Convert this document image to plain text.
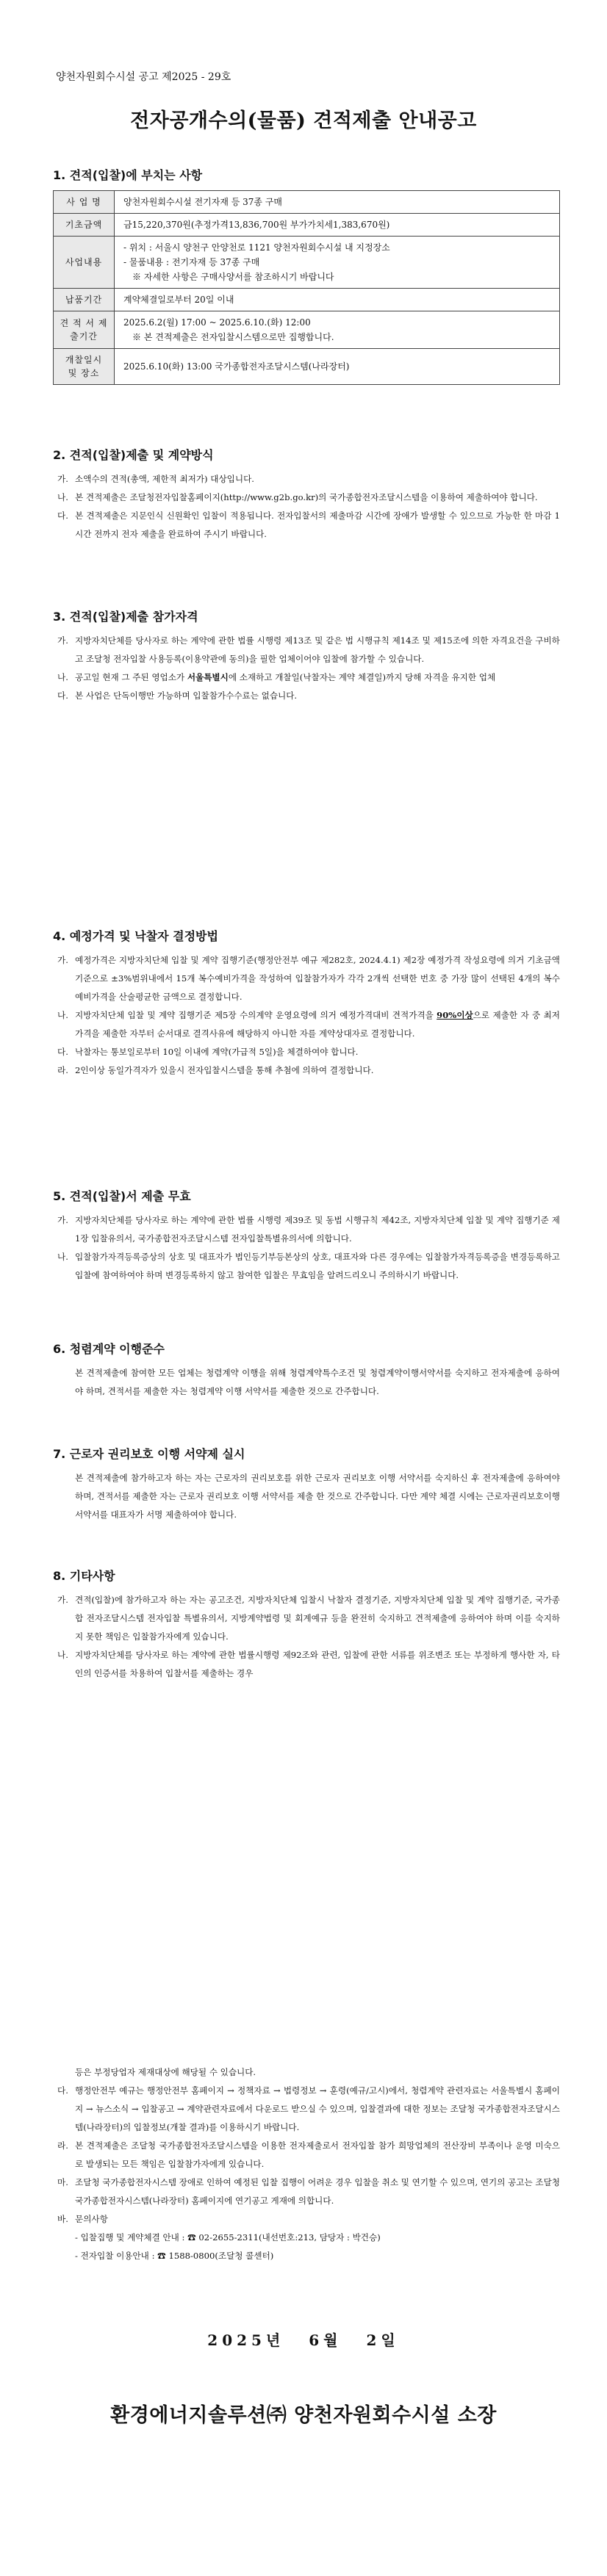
양천자원회수시설 공고 제2025 - 29호
전자공개수의(물품) 견적제출 안내공고
1. 견적(입찰)에 부치는 사항
사 업 명	양천자원회수시설 전기자재 등 37종 구매

기초금액	금15,220,370원(추정가격13,836,700원 부가가치세1,383,670원)

사업내용	- 위치 : 서울시 양천구 안양천로 1121 양천자원회수시설 내 지정장소
- 물품내용 : 전기자재 등 37종 구매
※ 자세한 사항은 구매사양서를 참조하시기 바랍니다

납품기간	계약체결일로부터 20일 이내

견 적 서 제출기간	2025.6.2(월) 17:00 ~ 2025.6.10.(화) 12:00
※ 본 견적제출은 전자입찰시스템으로만 집행합니다.

개찰일시 및 장소	2025.6.10(화) 13:00 국가종합전자조달시스템(나라장터)
2. 견적(입찰)제출 및 계약방식
가. 소액수의 견적(총액, 제한적 최저가) 대상입니다.
나. 본 견적제출은 조달청전자입찰홈페이지(http://www.g2b.go.kr)의 국가종합전자조달시스템을 이용하여 제출하여야 합니다.
다. 본 견적제출은 지문인식 신원확인 입찰이 적용됩니다. 전자입찰서의 제출마감 시간에 장애가 발생할 수 있으므로 가능한 한 마감 1시간 전까지 전자 제출을 완료하여 주시기 바랍니다.
3. 견적(입찰)제출 참가자격
가. 지방자치단체를 당사자로 하는 계약에 관한 법률 시행령 제13조 및 같은 법 시행규칙 제14조 및 제15조에 의한 자격요건을 구비하고 조달청 전자입찰 사용등록(이용약관에 동의)을 필한 업체이어야 입찰에 참가할 수 있습니다.
나. 공고일 현재 그 주된 영업소가 서울특별시에 소재하고 개찰일(낙찰자는 계약 체결일)까지 당해 자격을 유지한 업체
다. 본 사업은 단독이행만 가능하며 입찰참가수수료는 없습니다.
4. 예정가격 및 낙찰자 결정방법
가. 예정가격은 지방자치단체 입찰 및 계약 집행기준(행정안전부 예규 제282호, 2024.4.1) 제2장 예정가격 작성요령에 의거 기초금액 기준으로 ±3%범위내에서 15개 복수예비가격을 작성하여 입찰참가자가 각각 2개씩 선택한 번호 중 가장 많이 선택된 4개의 복수예비가격을 산술평균한 금액으로 결정합니다.
나. 지방자치단체 입찰 및 계약 집행기준 제5장 수의계약 운영요령에 의거 예정가격대비 견적가격을 90%이상으로 제출한 자 중 최저가격을 제출한 자부터 순서대로 결격사유에 해당하지 아니한 자를 계약상대자로 결정합니다.
다. 낙찰자는 통보일로부터 10일 이내에 계약(가급적 5일)을 체결하여야 합니다.
라. 2인이상 동일가격자가 있을시 전자입찰시스템을 통해 추첨에 의하여 결정합니다.
5. 견적(입찰)서 제출 무효
가. 지방자치단체를 당사자로 하는 계약에 관한 법률 시행령 제39조 및 동법 시행규칙 제42조, 지방자치단체 입찰 및 계약 집행기준 제1장 입찰유의서, 국가종합전자조달시스템 전자입찰특별유의서에 의합니다.
나. 입찰참가자격등록증상의 상호 및 대표자가 법인등기부등본상의 상호, 대표자와 다른 경우에는 입찰참가자격등록증을 변경등록하고 입찰에 참여하여야 하며 변경등록하지 않고 참여한 입찰은 무효임을 알려드리오니 주의하시기 바랍니다.
6. 청렴계약 이행준수
본 견적제출에 참여한 모든 업체는 청렴계약 이행을 위해 청렴계약특수조건 및 청렴계약이행서약서를 숙지하고 전자제출에 응하여야 하며, 견적서를 제출한 자는 청렴계약 이행 서약서를 제출한 것으로 간주합니다.
7. 근로자 권리보호 이행 서약제 실시
본 견적제출에 참가하고자 하는 자는 근로자의 권리보호를 위한 근로자 권리보호 이행 서약서를 숙지하신 후 전자제출에 응하여야 하며, 견적서를 제출한 자는 근로자 권리보호 이행 서약서를 제출 한 것으로 간주합니다. 다만 계약 체결 시에는 근로자권리보호이행서약서를 대표자가 서명 제출하여야 합니다.
8. 기타사항
가. 견적(입찰)에 참가하고자 하는 자는 공고조건, 지방자치단체 입찰시 낙찰자 결정기준, 지방자치단체 입찰 및 계약 집행기준, 국가종합 전자조달시스템 전자입찰 특별유의서, 지방계약법령 및 회계예규 등을 완전히 숙지하고 견적제출에 응하여야 하며 이를 숙지하지 못한 책임은 입찰참가자에게 있습니다.
나. 지방자치단체를 당사자로 하는 계약에 관한 법률시행령 제92조와 관련, 입찰에 관한 서류를 위조변조 또는 부정하게 행사한 자, 타인의 인증서를 차용하여 입찰서를 제출하는 경우
등은 부정당업자 제재대상에 해당될 수 있습니다.
다. 행정안전부 예규는 행정안전부 홈페이지 → 정책자료 → 법령정보 → 훈령(예규/고시)에서, 청렴계약 관련자료는 서울특별시 홈페이지 → 뉴스소식 → 입찰공고 → 계약관련자료에서 다운로드 받으실 수 있으며, 입찰결과에 대한 정보는 조달청 국가종합전자조달시스템(나라장터)의 입찰정보(개찰 결과)를 이용하시기 바랍니다.
라. 본 견적제출은 조달청 국가종합전자조달시스템을 이용한 전자제출로서 전자입찰 참가 희망업체의 전산장비 부족이나 운영 미숙으로 발생되는 모든 책임은 입찰참가자에게 있습니다.
마. 조달청 국가종합전자시스템 장애로 인하여 예정된 입찰 집행이 어려운 경우 입찰을 취소 및 연기할 수 있으며, 연기의 공고는 조달청 국가종합전자시스템(나라장터) 홈페이지에 연기공고 게재에 의합니다.
바. 문의사항
- 입찰집행 및 계약체결 안내 : ☎ 02-2655-2311(내선번호:213, 담당자 : 박건승)
- 전자입찰 이용안내 : ☎ 1588-0800(조달청 콜센터)
2025년 6월 2일
환경에너지솔루션㈜ 양천자원회수시설 소장
